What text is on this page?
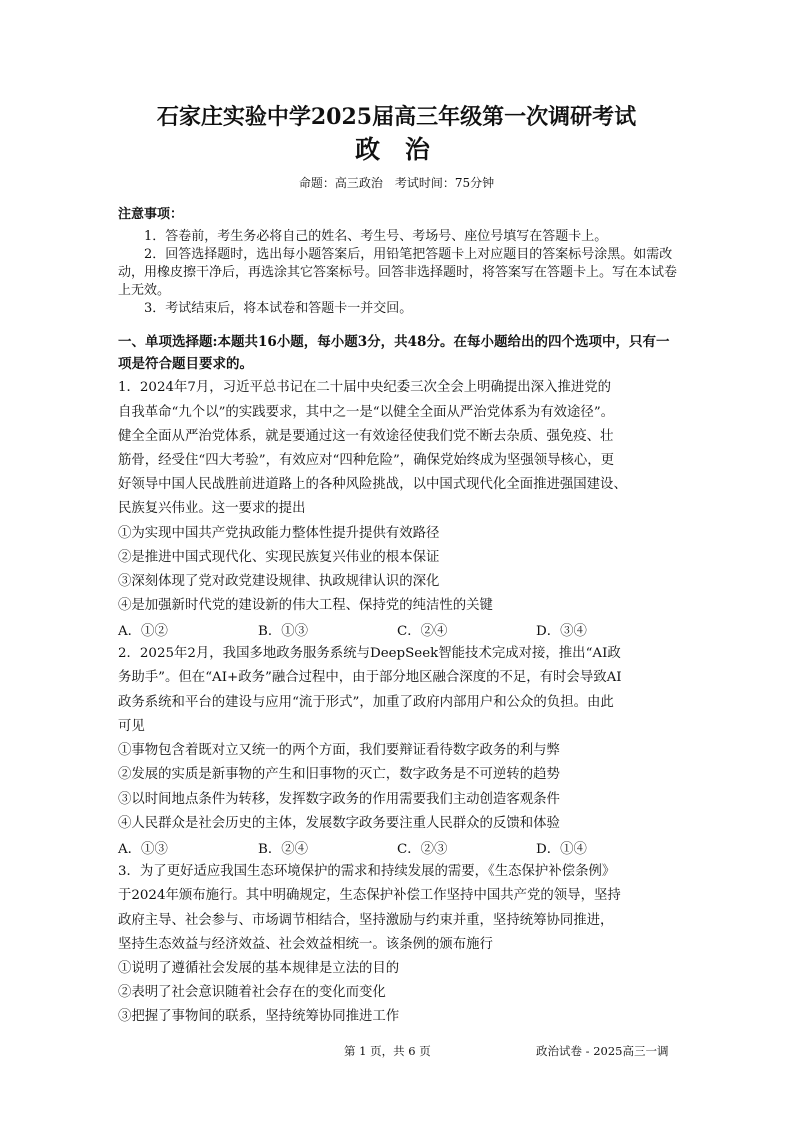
石家庄实验中学2025届高三年级第一次调研考试
政 治
命题：高三政治　考试时间：75分钟
注意事项：
1．答卷前，考生务必将自己的姓名、考生号、考场号、座位号填写在答题卡上。
2．回答选择题时，选出每小题答案后，用铅笔把答题卡上对应题目的答案标号涂黑。如需改动，用橡皮擦干净后，再选涂其它答案标号。回答非选择题时，将答案写在答题卡上。写在本试卷上无效。
3．考试结束后，将本试卷和答题卡一并交回。
一、单项选择题:本题共16小题，每小题3分，共48分。在每小题给出的四个选项中，只有一项是符合题目要求的。
1．2024年7月，习近平总书记在二十届中央纪委三次全会上明确提出深入推进党的
自我革命“九个以”的实践要求，其中之一是“以健全全面从严治党体系为有效途径”。
健全全面从严治党体系，就是要通过这一有效途径使我们党不断去杂质、强免疫、壮
筋骨，经受住“四大考验”，有效应对“四种危险”，确保党始终成为坚强领导核心，更
好领导中国人民战胜前进道路上的各种风险挑战，以中国式现代化全面推进强国建设、
民族复兴伟业。这一要求的提出
①为实现中国共产党执政能力整体性提升提供有效路径
②是推进中国式现代化、实现民族复兴伟业的根本保证
③深刻体现了党对政党建设规律、执政规律认识的深化
④是加强新时代党的建设新的伟大工程、保持党的纯洁性的关键
A．①②	B．①③	C．②④	D．③④
2．2025年2月，我国多地政务服务系统与DeepSeek智能技术完成对接，推出“AI政
务助手”。但在“AI+政务”融合过程中，由于部分地区融合深度的不足，有时会导致AI
政务系统和平台的建设与应用“流于形式”，加重了政府内部用户和公众的负担。由此
可见
①事物包含着既对立又统一的两个方面，我们要辩证看待数字政务的利与弊
②发展的实质是新事物的产生和旧事物的灭亡，数字政务是不可逆转的趋势
③以时间地点条件为转移，发挥数字政务的作用需要我们主动创造客观条件
④人民群众是社会历史的主体，发展数字政务要注重人民群众的反馈和体验
A．①③	B．②④	C．②③	D．①④
3．为了更好适应我国生态环境保护的需求和持续发展的需要，《生态保护补偿条例》
于2024年颁布施行。其中明确规定，生态保护补偿工作坚持中国共产党的领导，坚持
政府主导、社会参与、市场调节相结合，坚持激励与约束并重，坚持统筹协同推进，
坚持生态效益与经济效益、社会效益相统一。该条例的颁布施行
①说明了遵循社会发展的基本规律是立法的目的
②表明了社会意识随着社会存在的变化而变化
③把握了事物间的联系，坚持统筹协同推进工作
第 1 页，共 6 页	政治试卷 - 2025高三一调
